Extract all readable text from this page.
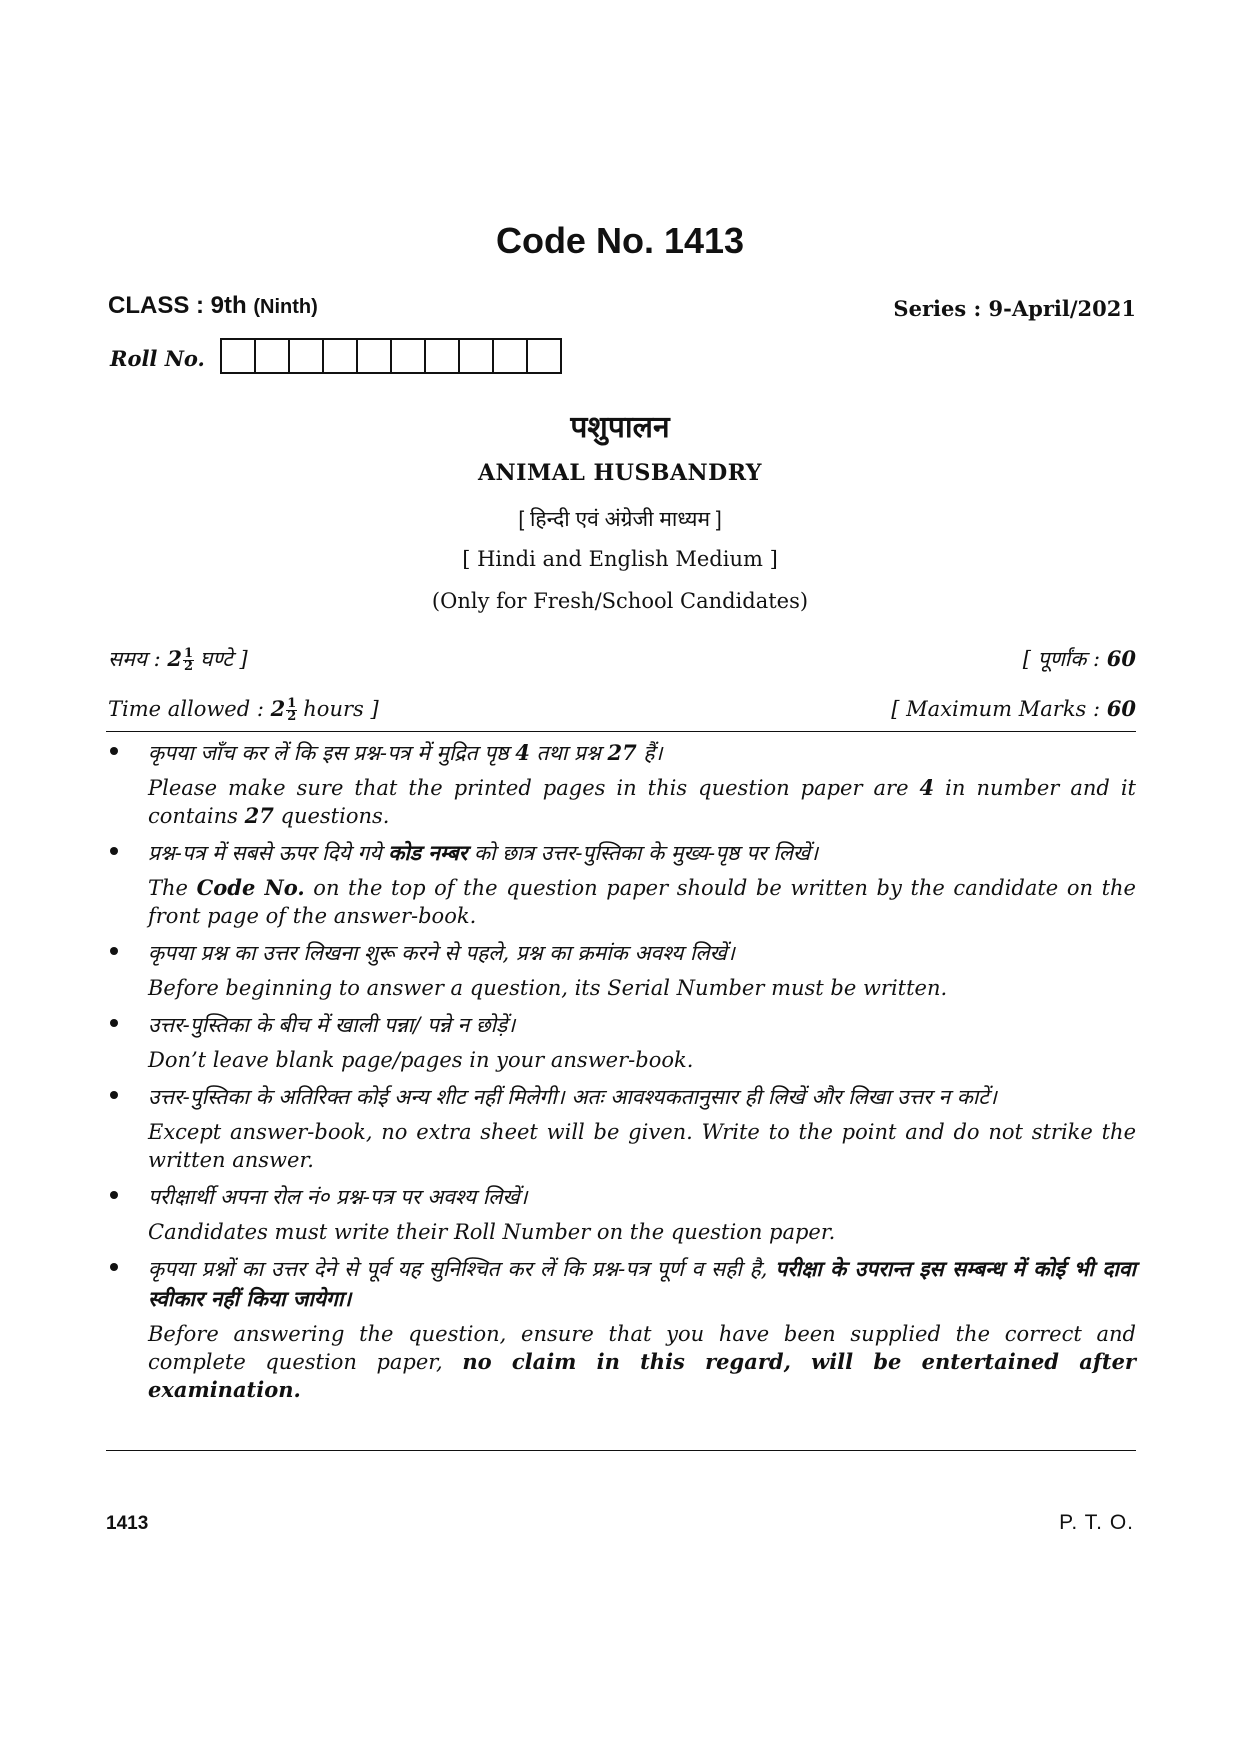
Code No. 1413
CLASS : 9th (Ninth)	Series : 9-April/2021
Roll No.
पशुपालन
ANIMAL HUSBANDRY
[ हिन्दी एवं अंग्रेजी माध्यम ]
[ Hindi and English Medium ]
(Only for Fresh/School Candidates)
समय : $2 \frac{1}{2}$ घण्टे ]	[ पूर्णांक : 60
Time allowed : $2 \frac{1}{2}$ hours ]	[ Maximum Marks : 60
कृपया जाँच कर लें कि इस प्रश्न-पत्र में मुद्रित पृष्ठ 4 तथा प्रश्न 27 हैं।
Please make sure that the printed pages in this question paper are 4 in number and it contains 27 questions.
प्रश्न-पत्र में सबसे ऊपर दिये गये कोड नम्बर को छात्र उत्तर-पुस्तिका के मुख्य-पृष्ठ पर लिखें।
The Code No. on the top of the question paper should be written by the candidate on the front page of the answer-book.
कृपया प्रश्न का उत्तर लिखना शुरू करने से पहले, प्रश्न का क्रमांक अवश्य लिखें।
Before beginning to answer a question, its Serial Number must be written.
उत्तर-पुस्तिका के बीच में खाली पन्ना/ पन्ने न छोड़ें।
Don’t leave blank page/pages in your answer-book.
उत्तर-पुस्तिका के अतिरिक्त कोई अन्य शीट नहीं मिलेगी। अतः आवश्यकतानुसार ही लिखें और लिखा उत्तर न काटें।
Except answer-book, no extra sheet will be given. Write to the point and do not strike the written answer.
परीक्षार्थी अपना रोल नं० प्रश्न-पत्र पर अवश्य लिखें।
Candidates must write their Roll Number on the question paper.
कृपया प्रश्नों का उत्तर देने से पूर्व यह सुनिश्चित कर लें कि प्रश्न-पत्र पूर्ण व सही है, परीक्षा के उपरान्त इस सम्बन्ध में कोई भी दावा स्वीकार नहीं किया जायेगा।
Before answering the question, ensure that you have been supplied the correct and complete question paper, no claim in this regard, will be entertained after examination.
1413	P. T. O.
